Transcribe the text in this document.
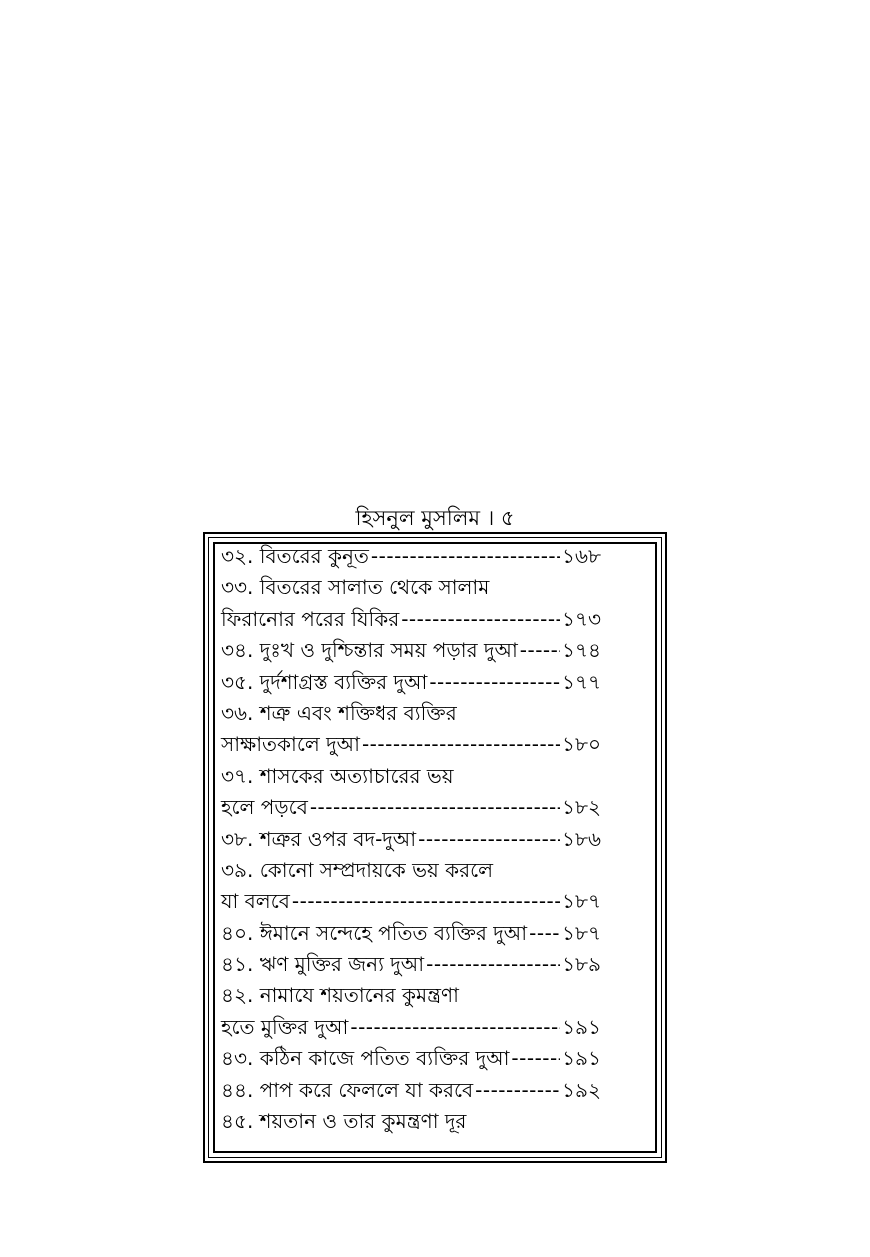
হিসনুল মুসলিম । ৫
৩২. বিতরের কুনূত -----	১৬৮
৩৩. বিতরের সালাত থেকে সালাম
ফিরানোর পরের যিকির -----	১৭৩
৩৪. দুঃখ ও দুশ্চিন্তার সময় পড়ার দুআ ----- ১৭৪
৩৫. দুর্দশাগ্রস্ত ব্যক্তির দুআ -----	১৭৭
৩৬. শত্রু এবং শক্তিধর ব্যক্তির
সাক্ষাতকালে দুআ -----	১৮০
৩৭. শাসকের অত্যাচারের ভয়
হলে পড়বে -----	১৮২
৩৮. শত্রুর ওপর বদ-দুআ -----	১৮৬
৩৯. কোনো সম্প্রদায়কে ভয় করলে
যা বলবে -----	১৮৭
৪০. ঈমানে সন্দেহে পতিত ব্যক্তির দুআ ----- ১৮৭
৪১. ঋণ মুক্তির জন্য দুআ -----	১৮৯
৪২. নামাযে শয়তানের কুমন্ত্রণা
হতে মুক্তির দুআ -----	১৯১
৪৩. কঠিন কাজে পতিত ব্যক্তির দুআ -----	১৯১
৪৪. পাপ করে ফেললে যা করবে -----	১৯২
৪৫. শয়তান ও তার কুমন্ত্রণা দূর
